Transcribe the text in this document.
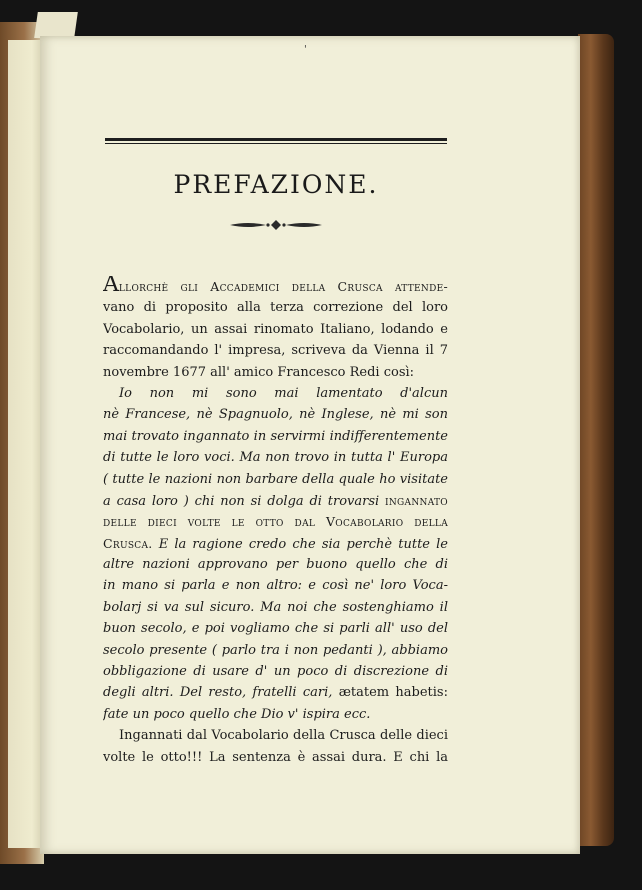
'
PREFAZIONE.
Allorchè gli Accademici della Crusca attende-
vano di proposito alla terza correzione del loro
Vocabolario, un assai rinomato Italiano, lodando e
raccomandando l' impresa, scriveva da Vienna il 7
novembre 1677 all' amico Francesco Redi così:
Io non mi sono mai lamentato d'alcun
nè Francese, nè Spagnuolo, nè Inglese, nè mi son
mai trovato ingannato in servirmi indifferentemente
di tutte le loro voci. Ma non trovo in tutta l' Europa
( tutte le nazioni non barbare della quale ho visitate
a casa loro ) chi non si dolga di trovarsi ingannato
delle dieci volte le otto dal Vocabolario della
Crusca. E la ragione credo che sia perchè tutte le
altre nazioni approvano per buono quello che di
in mano si parla e non altro: e così ne' loro Voca-
bolarj si va sul sicuro. Ma noi che sostenghiamo il
buon secolo, e poi vogliamo che si parli all' uso del
secolo presente ( parlo tra i non pedanti ), abbiamo
obbligazione di usare d' un poco di discrezione di
degli altri. Del resto, fratelli cari, ætatem habetis:
fate un poco quello che Dio v' ispira ecc.
Ingannati dal Vocabolario della Crusca delle dieci
volte le otto!!! La sentenza è assai dura. E chi la
